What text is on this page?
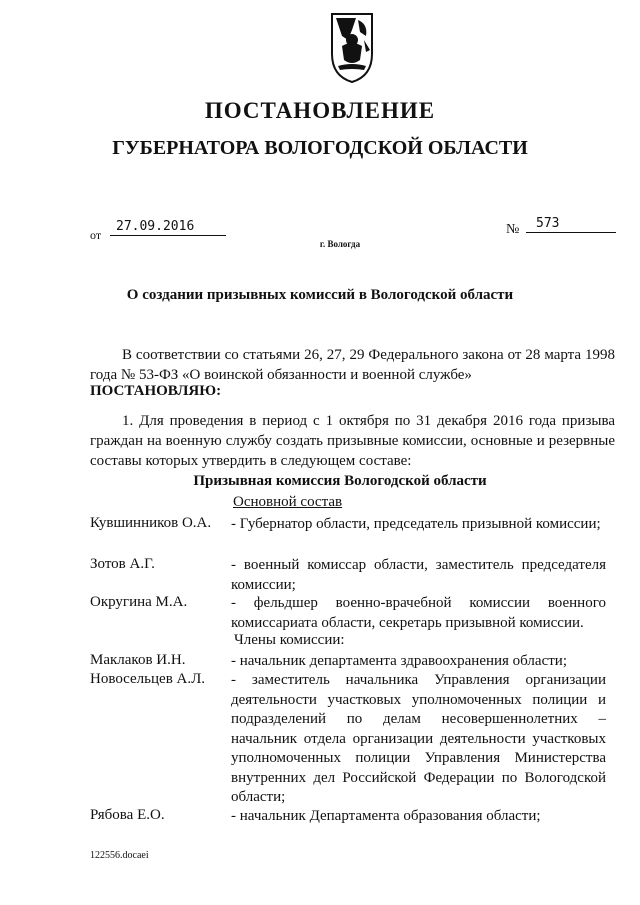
ПОСТАНОВЛЕНИЕ
ГУБЕРНАТОРА ВОЛОГОДСКОЙ ОБЛАСТИ
от
27.09.2016	№	573
г. Вологда
О создании призывных комиссий в Вологодской области
В соответствии со статьями 26, 27, 29 Федерального закона от 28 марта 1998 года № 53-ФЗ «О воинской обязанности и военной службе»
ПОСТАНОВЛЯЮ:
1. Для проведения в период с 1 октября по 31 декабря 2016 года призыва граждан на военную службу создать призывные комиссии, основные и резервные составы которых утвердить в следующем составе:
Призывная комиссия Вологодской области
Основной состав
Кувшинников О.А. - Губернатор области, председатель призывной комиссии;
Зотов А.Г.	- военный комиссар области, заместитель председателя комиссии;
Округина М.А.	- фельдшер военно-врачебной комиссии военного комиссариата области, секретарь призывной комиссии.
Члены комиссии:
Маклаков И.Н.	- начальник департамента здравоохранения области;
Новосельцев А.Л. - заместитель начальника Управления организации деятельности участковых уполномоченных полиции и подразделений по делам несовершеннолетних – начальник отдела организации деятельности участковых уполномоченных полиции Управления Министерства внутренних дел Российской Федерации по Вологодской области;
Рябова Е.О.	- начальник Департамента образования области;
122556.docaei
